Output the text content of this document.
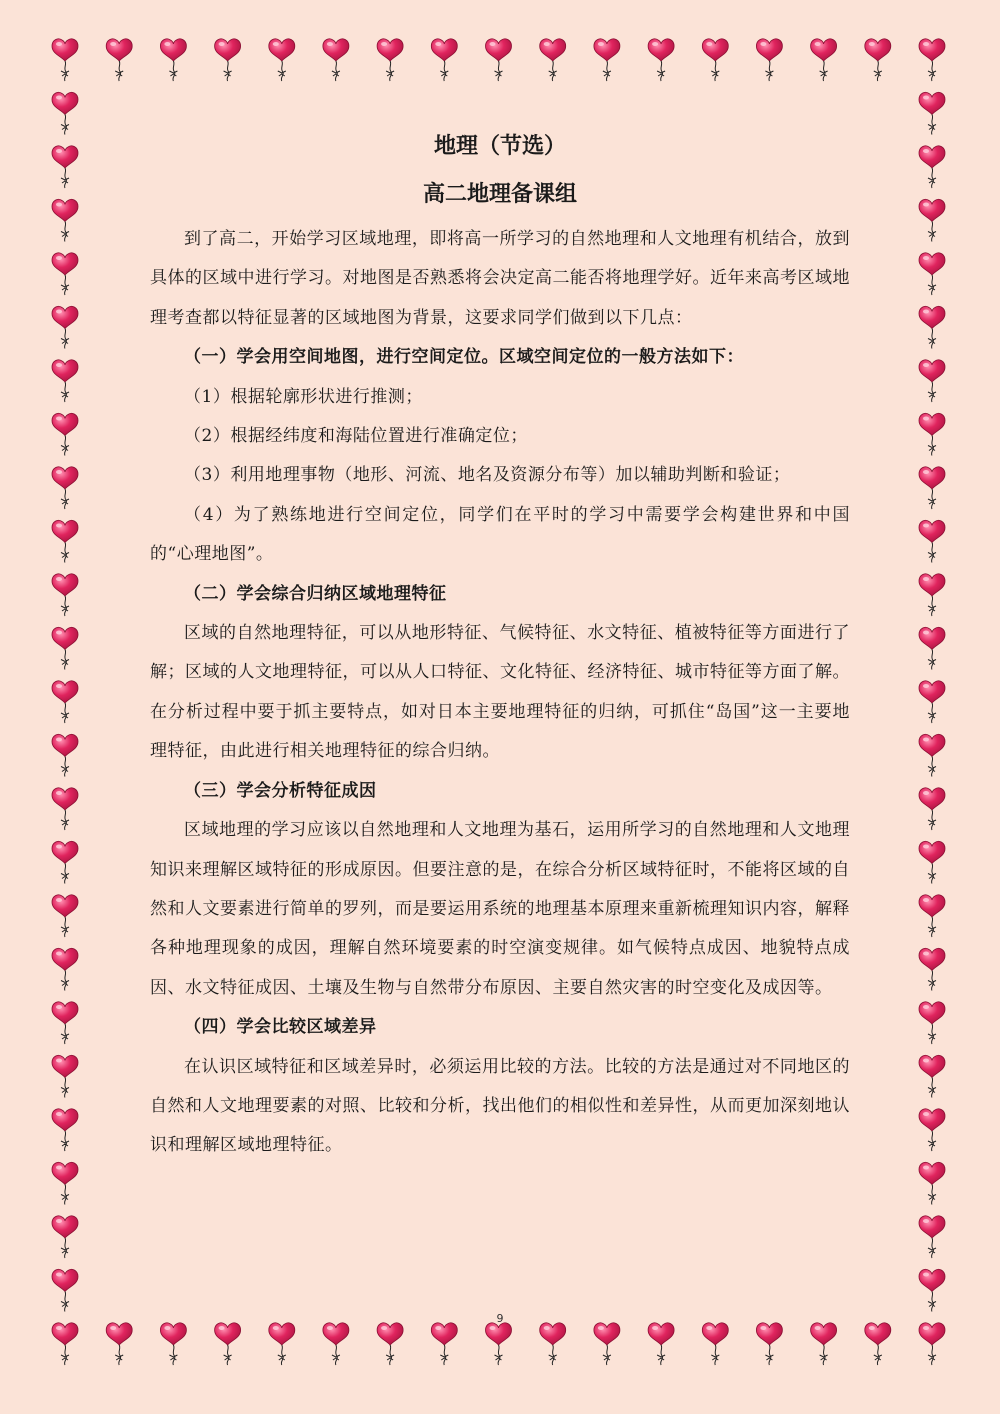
地理（节选）

高二地理备课组

到了高二，开始学习区域地理，即将高一所学习的自然地理和人文地理有机结合，放到具体的区域中进行学习。对地图是否熟悉将会决定高二能否将地理学好。近年来高考区域地理考查都以特征显著的区域地图为背景，这要求同学们做到以下几点：

（一）学会用空间地图，进行空间定位。区域空间定位的一般方法如下：

（1）根据轮廓形状进行推测；

（2）根据经纬度和海陆位置进行准确定位；

（3）利用地理事物（地形、河流、地名及资源分布等）加以辅助判断和验证；

（4）为了熟练地进行空间定位，同学们在平时的学习中需要学会构建世界和中国的“心理地图”。

（二）学会综合归纳区域地理特征

区域的自然地理特征，可以从地形特征、气候特征、水文特征、植被特征等方面进行了解；区域的人文地理特征，可以从人口特征、文化特征、经济特征、城市特征等方面了解。在分析过程中要于抓主要特点，如对日本主要地理特征的归纳，可抓住“岛国”这一主要地理特征，由此进行相关地理特征的综合归纳。

（三）学会分析特征成因

区域地理的学习应该以自然地理和人文地理为基石，运用所学习的自然地理和人文地理知识来理解区域特征的形成原因。但要注意的是，在综合分析区域特征时，不能将区域的自然和人文要素进行简单的罗列，而是要运用系统的地理基本原理来重新梳理知识内容，解释各种地理现象的成因，理解自然环境要素的时空演变规律。如气候特点成因、地貌特点成因、水文特征成因、土壤及生物与自然带分布原因、主要自然灾害的时空变化及成因等。

（四）学会比较区域差异

在认识区域特征和区域差异时，必须运用比较的方法。比较的方法是通过对不同地区的自然和人文地理要素的对照、比较和分析，找出他们的相似性和差异性，从而更加深刻地认识和理解区域地理特征。

9
